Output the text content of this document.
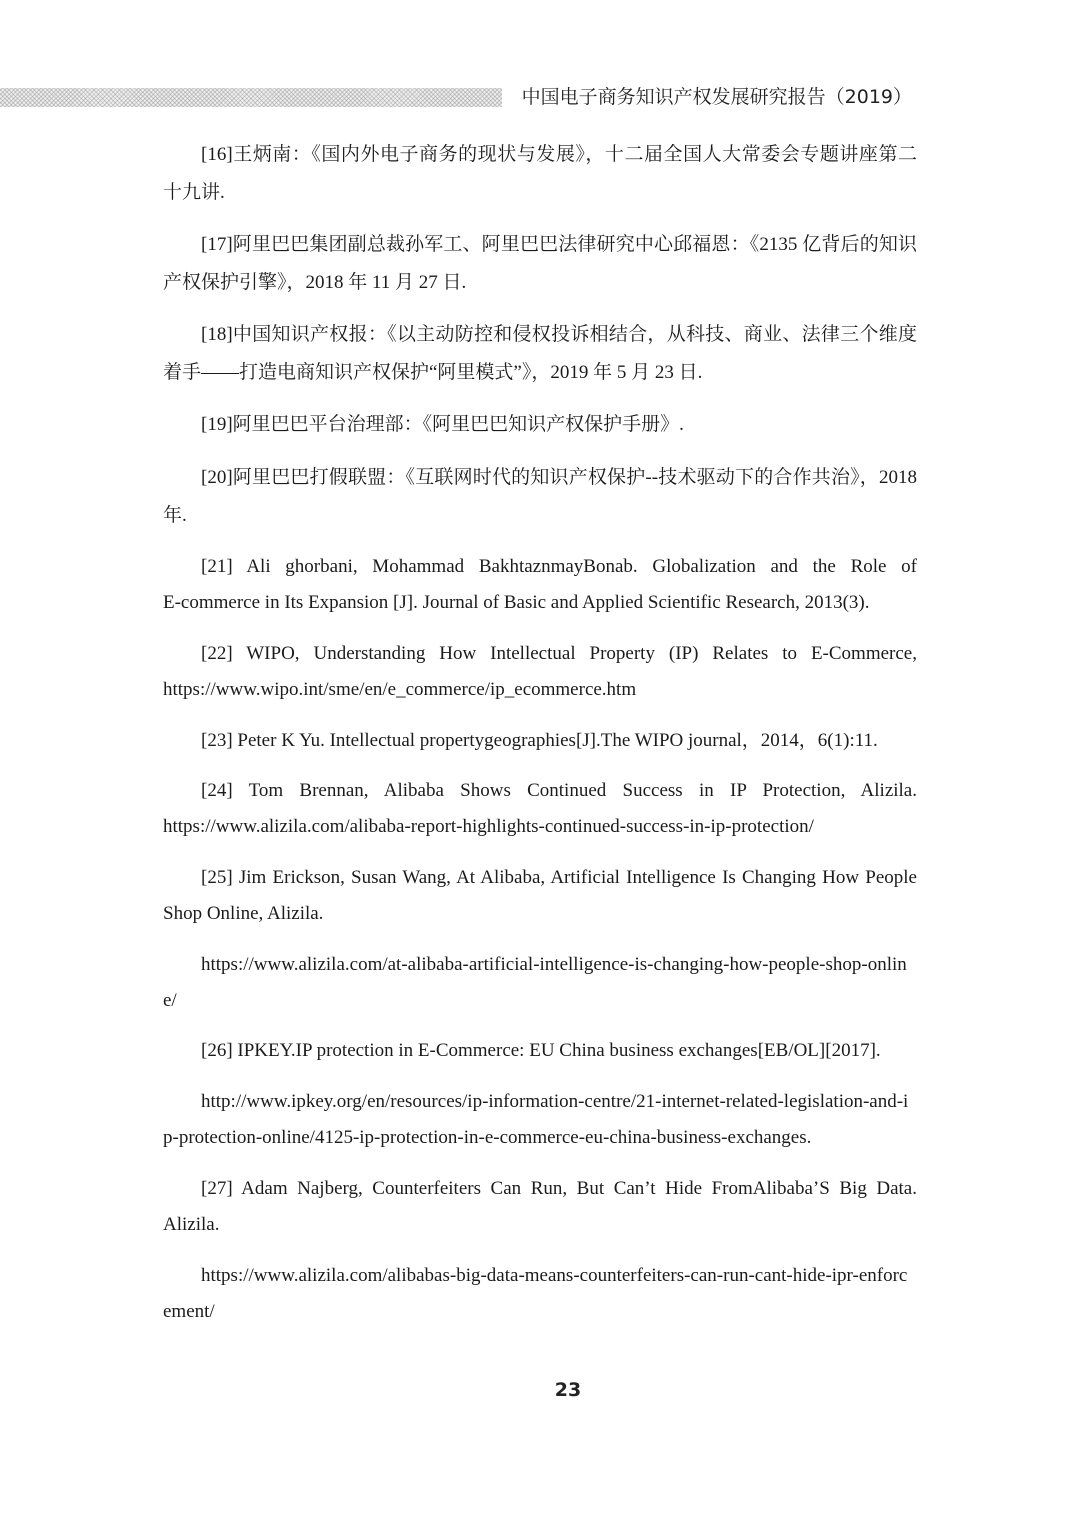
中国电子商务知识产权发展研究报告（2019）
[16]王炳南：《国内外电子商务的现状与发展》，十二届全国人大常委会专题讲座第二
十九讲.
[17]阿里巴巴集团副总裁孙军工、阿里巴巴法律研究中心邱福恩：《2135 亿背后的知识
产权保护引擎》，2018 年 11 月 27 日.
[18]中国知识产权报：《以主动防控和侵权投诉相结合，从科技、商业、法律三个维度
着手——打造电商知识产权保护“阿里模式”》，2019 年 5 月 23 日.
[19]阿里巴巴平台治理部：《阿里巴巴知识产权保护手册》.
[20]阿里巴巴打假联盟：《互联网时代的知识产权保护--技术驱动下的合作共治》，2018
年.
[21] Ali ghorbani, Mohammad BakhtaznmayBonab. Globalization and the Role of
E-commerce in Its Expansion [J]. Journal of Basic and Applied Scientific Research, 2013(3).
[22] WIPO, Understanding How Intellectual Property (IP) Relates to E-Commerce,
https://www.wipo.int/sme/en/e_commerce/ip_ecommerce.htm
[23] Peter K Yu. Intellectual propertygeographies[J].The WIPO journal，2014，6(1):11.
[24] Tom Brennan, Alibaba Shows Continued Success in IP Protection, Alizila.
https://www.alizila.com/alibaba-report-highlights-continued-success-in-ip-protection/
[25] Jim Erickson, Susan Wang, At Alibaba, Artificial Intelligence Is Changing How People
Shop Online, Alizila.
https://www.alizila.com/at-alibaba-artificial-intelligence-is-changing-how-people-shop-onlin
e/
[26] IPKEY.IP protection in E-Commerce: EU China business exchanges[EB/OL][2017].
http://www.ipkey.org/en/resources/ip-information-centre/21-internet-related-legislation-and-i
p-protection-online/4125-ip-protection-in-e-commerce-eu-china-business-exchanges.
[27] Adam Najberg, Counterfeiters Can Run, But Can’t Hide FromAlibaba’S Big Data.
Alizila.
https://www.alizila.com/alibabas-big-data-means-counterfeiters-can-run-cant-hide-ipr-enforc
ement/
23
